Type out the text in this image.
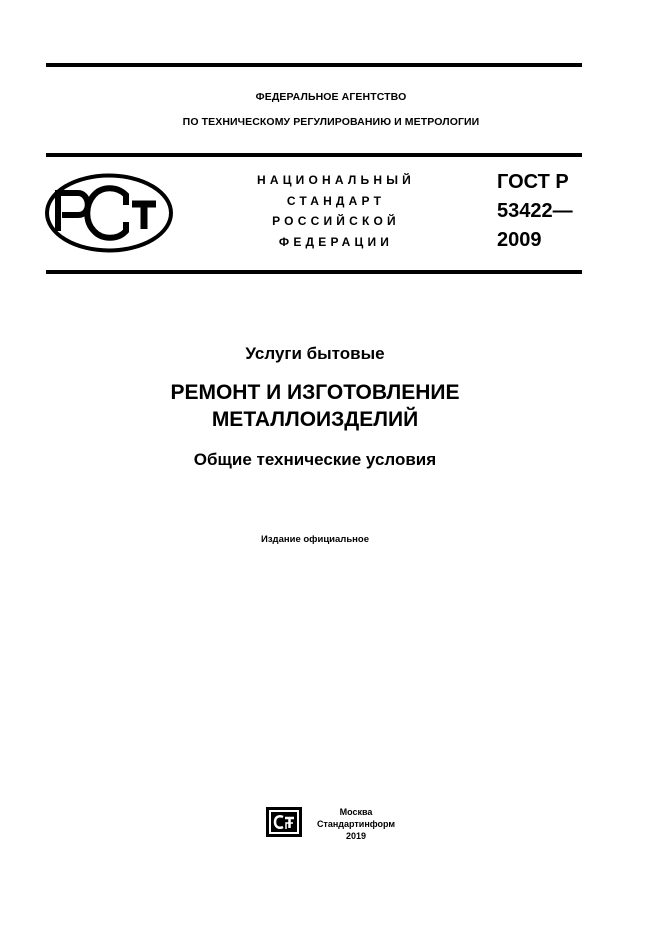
ФЕДЕРАЛЬНОЕ АГЕНТСТВО
ПО ТЕХНИЧЕСКОМУ РЕГУЛИРОВАНИЮ И МЕТРОЛОГИИ
НАЦИОНАЛЬНЫЙ
СТАНДАРТ
РОССИЙСКОЙ
ФЕДЕРАЦИИ
ГОСТ Р
53422—
2009
Услуги бытовые
РЕМОНТ И ИЗГОТОВЛЕНИЕ
МЕТАЛЛОИЗДЕЛИЙ
Общие технические условия
Издание официальное
Москва
Стандартинформ
2019
